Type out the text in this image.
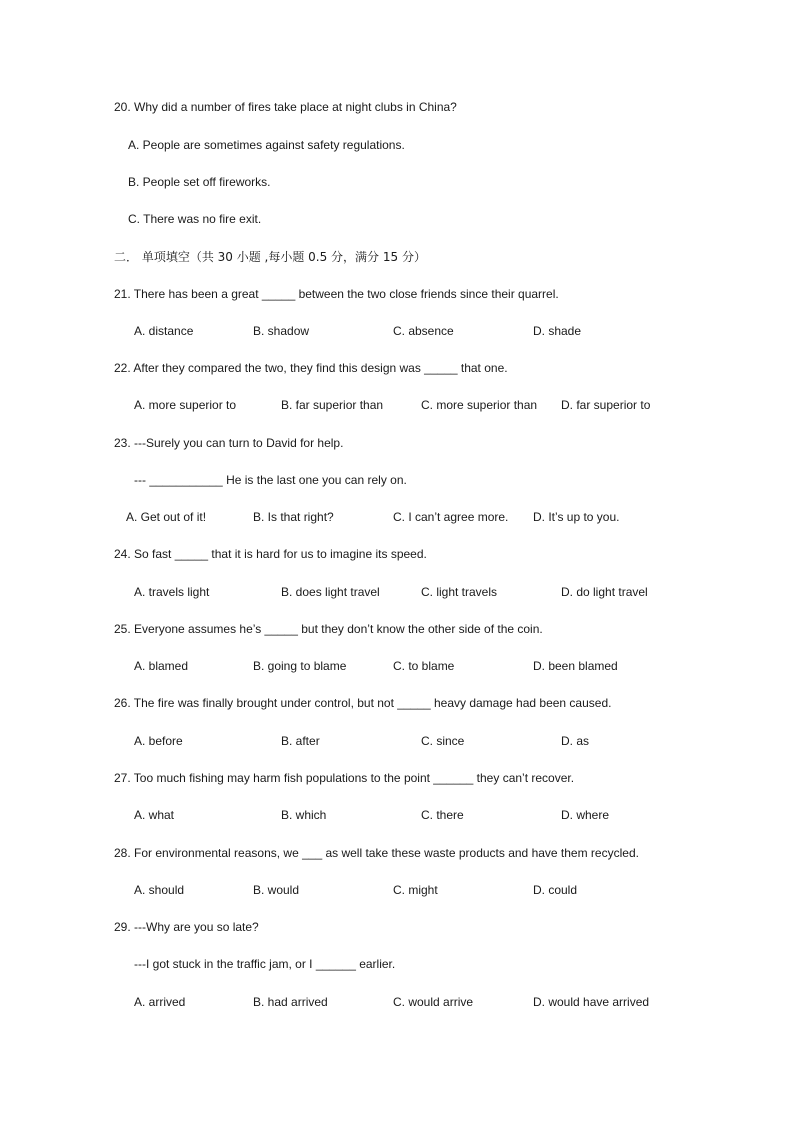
20. Why did a number of fires take place at night clubs in China?
A. People are sometimes against safety regulations.
B. People set off fireworks.
C. There was no fire exit.
二． 单项填空（共 30 小题 ,每小题 0.5 分，满分 15 分）
21. There has been a great _____ between the two close friends since their quarrel.
A. distance	B. shadow	C. absence	D. shade
22. After they compared the two, they find this design was _____ that one.
A. more superior to	B. far superior than	C. more superior than D. far superior to
23. ---Surely you can turn to David for help.
--- ___________ He is the last one you can rely on.
A. Get out of it!	B. Is that right?	C. I can’t agree more. D. It’s up to you.
24. So fast _____ that it is hard for us to imagine its speed.
A. travels light	B. does light travel	C. light travels	D. do light travel
25. Everyone assumes he’s _____ but they don’t know the other side of the coin.
A. blamed	B. going to blame	C. to blame	D. been blamed
26. The fire was finally brought under control, but not _____ heavy damage had been caused.
A. before	B. after	C. since	D. as
27. Too much fishing may harm fish populations to the point ______ they can’t recover.
A. what	B. which	C. there	D. where
28. For environmental reasons, we ___ as well take these waste products and have them recycled.
A. should	B. would	C. might	D. could
29. ---Why are you so late?
---I got stuck in the traffic jam, or I ______ earlier.
A. arrived	B. had arrived	C. would arrive	D. would have arrived
